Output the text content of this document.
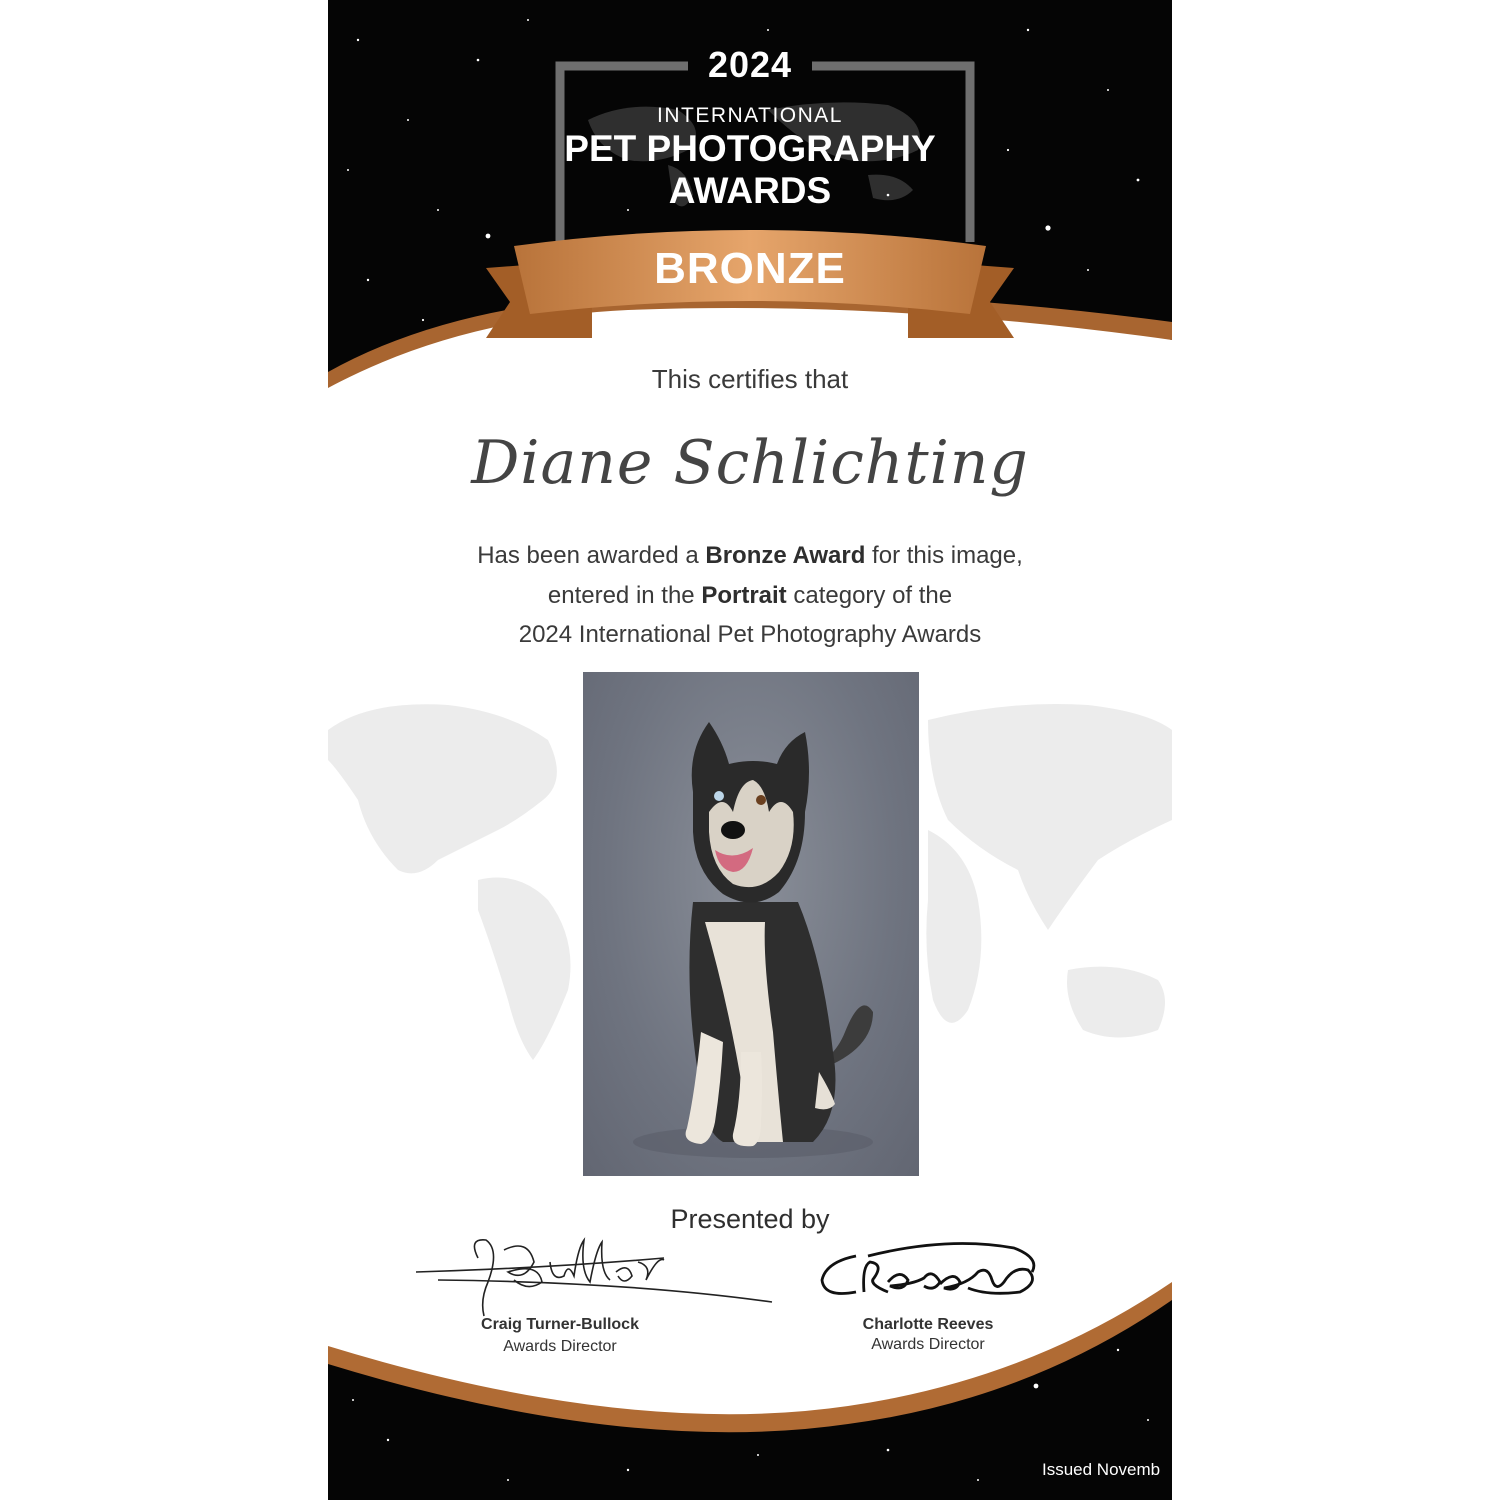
2024

INTERNATIONAL

PET PHOTOGRAPHY

AWARDS

BRONZE

This certifies that

Diane Schlichting

Has been awarded a Bronze Award for this image,

entered in the Portrait category of the

2024 International Pet Photography Awards

Presented by

Craig Turner-Bullock
Awards Director
Charlotte Reeves
Awards Director
Issued Novemb
